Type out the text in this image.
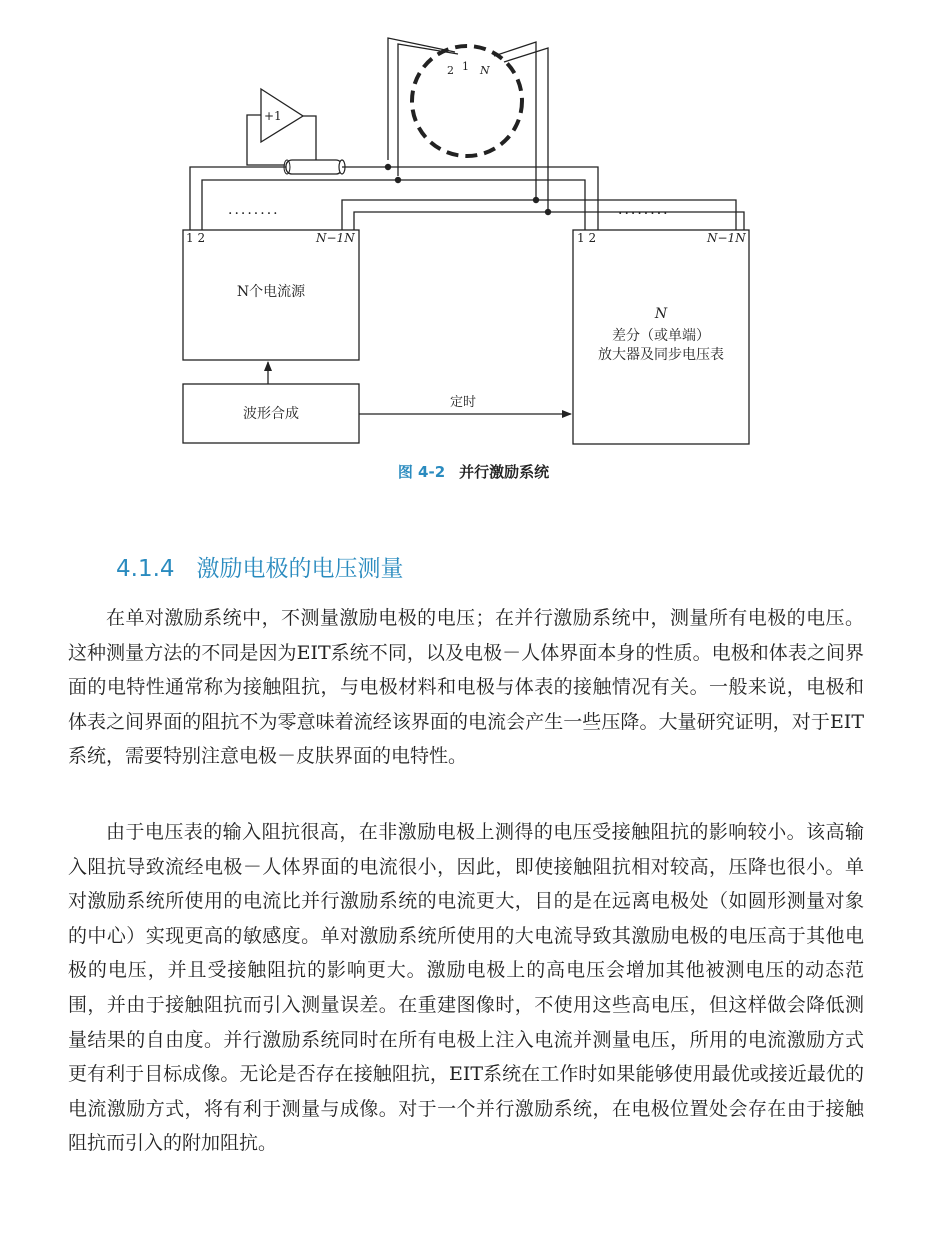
2 1 N
+1
1 2	N−1N
········
N个电流源
1 2	N−1N
········
N
差分（或单端）
放大器及同步电压表
波形合成
定时
图 4-2 并行激励系统
4.1.4 激励电极的电压测量

在单对激励系统中，不测量激励电极的电压；在并行激励系统中，测量所有电极的电压。这种测量方法的不同是因为EIT系统不同，以及电极－人体界面本身的性质。电极和体表之间界面的电特性通常称为接触阻抗，与电极材料和电极与体表的接触情况有关。一般来说，电极和体表之间界面的阻抗不为零意味着流经该界面的电流会产生一些压降。大量研究证明，对于EIT系统，需要特别注意电极－皮肤界面的电特性。

由于电压表的输入阻抗很高，在非激励电极上测得的电压受接触阻抗的影响较小。该高输入阻抗导致流经电极－人体界面的电流很小，因此，即使接触阻抗相对较高，压降也很小。单对激励系统所使用的电流比并行激励系统的电流更大，目的是在远离电极处（如圆形测量对象的中心）实现更高的敏感度。单对激励系统所使用的大电流导致其激励电极的电压高于其他电极的电压，并且受接触阻抗的影响更大。激励电极上的高电压会增加其他被测电压的动态范围，并由于接触阻抗而引入测量误差。在重建图像时，不使用这些高电压，但这样做会降低测量结果的自由度。并行激励系统同时在所有电极上注入电流并测量电压，所用的电流激励方式更有利于目标成像。无论是否存在接触阻抗，EIT系统在工作时如果能够使用最优或接近最优的电流激励方式，将有利于测量与成像。对于一个并行激励系统，在电极位置处会存在由于接触阻抗而引入的附加阻抗。
